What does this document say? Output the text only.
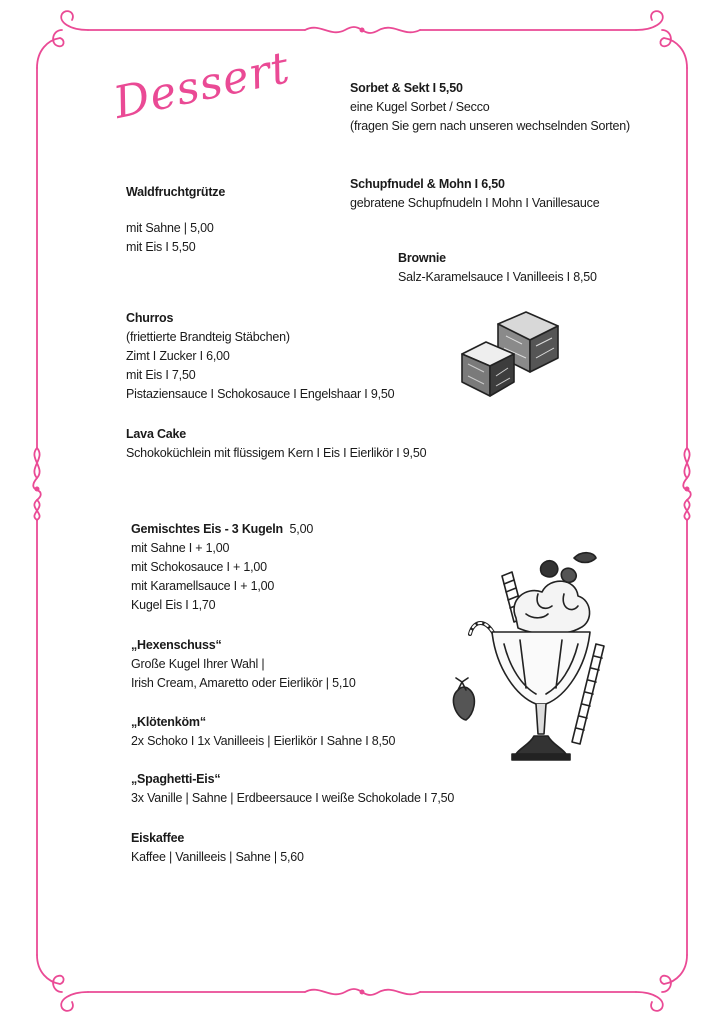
Dessert	Sorbet & Sekt I 5,50
eine Kugel Sorbet / Secco
(fragen Sie gern nach unseren wechselnden Sorten)
Schupfnudel & Mohn I 6,50
gebratene Schupfnudeln I Mohn I Vanillesauce
Brownie
Salz-Karamelsauce I Vanilleeis I 8,50
Waldfruchtgrütze
mit Sahne | 5,00
mit Eis I 5,50
Churros
(friettierte Brandteig Stäbchen)
Zimt I Zucker I 6,00
mit Eis I 7,50
Pistaziensauce I Schokosauce I Engelshaar I 9,50
Lava Cake
Schokoküchlein mit flüssigem Kern I Eis I Eierlikör I 9,50
Gemischtes Eis - 3 Kugeln 5,00
mit Sahne I + 1,00
mit Schokosauce I + 1,00
mit Karamellsauce I + 1,00
Kugel Eis I 1,70
„Hexenschuss“
Große Kugel Ihrer Wahl |
Irish Cream, Amaretto oder Eierlikör | 5,10
„Klötenköm“
2x Schoko I 1x Vanilleeis | Eierlikör I Sahne I 8,50
„Spaghetti-Eis“
3x Vanille | Sahne | Erdbeersauce I weiße Schokolade I 7,50
Eiskaffee
Kaffee | Vanilleeis | Sahne | 5,60
